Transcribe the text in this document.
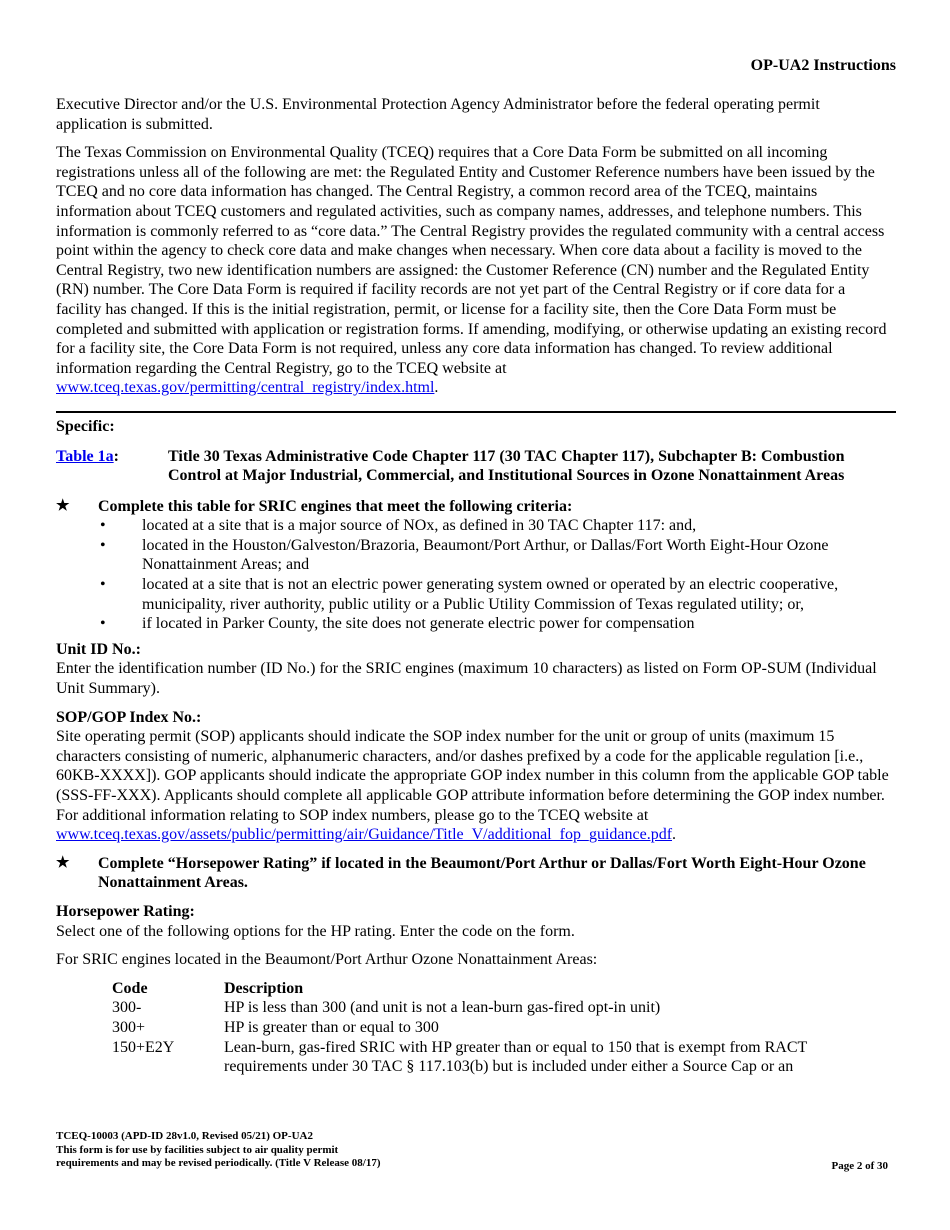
OP-UA2 Instructions

Executive Director and/or the U.S. Environmental Protection Agency Administrator before the federal operating permit application is submitted.

The Texas Commission on Environmental Quality (TCEQ) requires that a Core Data Form be submitted on all incoming registrations unless all of the following are met: the Regulated Entity and Customer Reference numbers have been issued by the TCEQ and no core data information has changed. The Central Registry, a common record area of the TCEQ, maintains information about TCEQ customers and regulated activities, such as company names, addresses, and telephone numbers. This information is commonly referred to as “core data.” The Central Registry provides the regulated community with a central access point within the agency to check core data and make changes when necessary. When core data about a facility is moved to the Central Registry, two new identification numbers are assigned: the Customer Reference (CN) number and the Regulated Entity (RN) number. The Core Data Form is required if facility records are not yet part of the Central Registry or if core data for a facility has changed. If this is the initial registration, permit, or license for a facility site, then the Core Data Form must be completed and submitted with application or registration forms. If amending, modifying, or otherwise updating an existing record for a facility site, the Core Data Form is not required, unless any core data information has changed. To review additional information regarding the Central Registry, go to the TCEQ website at www.tceq.texas.gov/permitting/central_registry/index.html.

Specific:

Table 1a:	Title 30 Texas Administrative Code Chapter 117 (30 TAC Chapter 117), Subchapter B: Combustion Control at Major Industrial, Commercial, and Institutional Sources in Ozone Nonattainment Areas
★	Complete this table for SRIC engines that meet the following criteria:
•	located at a site that is a major source of NOx, as defined in 30 TAC Chapter 117: and,
•	located in the Houston/Galveston/Brazoria, Beaumont/Port Arthur, or Dallas/Fort Worth Eight-Hour Ozone Nonattainment Areas; and
•	located at a site that is not an electric power generating system owned or operated by an electric cooperative, municipality, river authority, public utility or a Public Utility Commission of Texas regulated utility; or,
•	if located in Parker County, the site does not generate electric power for compensation

Unit ID No.:

Enter the identification number (ID No.) for the SRIC engines (maximum 10 characters) as listed on Form OP-SUM (Individual Unit Summary).

SOP/GOP Index No.:

Site operating permit (SOP) applicants should indicate the SOP index number for the unit or group of units (maximum 15 characters consisting of numeric, alphanumeric characters, and/or dashes prefixed by a code for the applicable regulation [i.e., 60KB-XXXX]). GOP applicants should indicate the appropriate GOP index number in this column from the applicable GOP table (SSS-FF-XXX). Applicants should complete all applicable GOP attribute information before determining the GOP index number. For additional information relating to SOP index numbers, please go to the TCEQ website at www.tceq.texas.gov/assets/public/permitting/air/Guidance/Title_V/additional_fop_guidance.pdf.

★	Complete “Horsepower Rating” if located in the Beaumont/Port Arthur or Dallas/Fort Worth Eight-Hour Ozone Nonattainment Areas.

Horsepower Rating:

Select one of the following options for the HP rating. Enter the code on the form.

For SRIC engines located in the Beaumont/Port Arthur Ozone Nonattainment Areas:

Code	Description
300-	HP is less than 300 (and unit is not a lean-burn gas-fired opt-in unit)
300+	HP is greater than or equal to 300
150+E2Y	Lean-burn, gas-fired SRIC with HP greater than or equal to 150 that is exempt from RACT requirements under 30 TAC § 117.103(b) but is included under either a Source Cap or an
TCEQ-10003 (APD-ID 28v1.0, Revised 05/21) OP-UA2
This form is for use by facilities subject to air quality permit
requirements and may be revised periodically. (Title V Release 08/17)	Page 2 of 30
